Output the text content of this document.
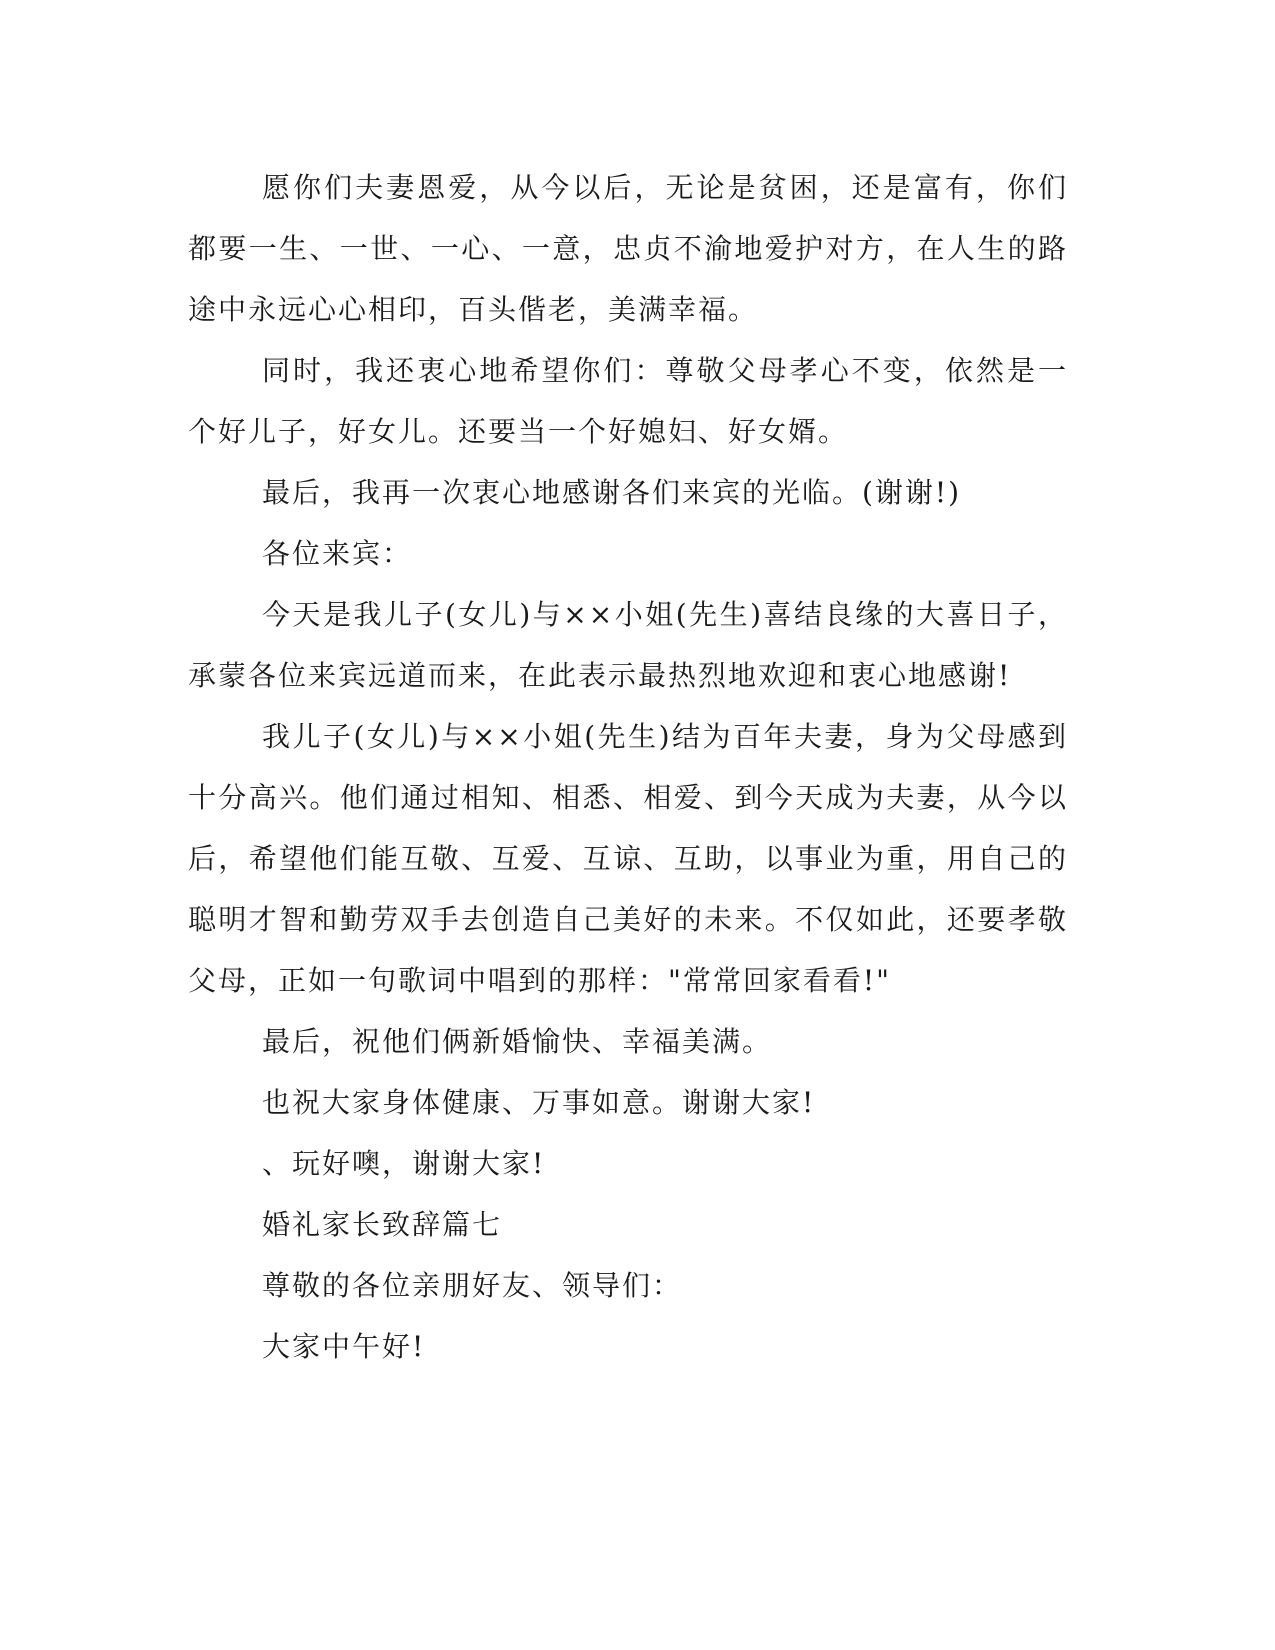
愿你们夫妻恩爱，从今以后，无论是贫困，还是富有，你们都要一生、一世、一心、一意，忠贞不渝地爱护对方，在人生的路途中永远心心相印，百头偕老，美满幸福。

同时，我还衷心地希望你们：尊敬父母孝心不变，依然是一个好儿子，好女儿。还要当一个好媳妇、好女婿。

最后，我再一次衷心地感谢各们来宾的光临。(谢谢!)

各位来宾：

今天是我儿子(女儿)与××小姐(先生)喜结良缘的大喜日子，承蒙各位来宾远道而来，在此表示最热烈地欢迎和衷心地感谢!

我儿子(女儿)与××小姐(先生)结为百年夫妻，身为父母感到十分高兴。他们通过相知、相悉、相爱、到今天成为夫妻，从今以后，希望他们能互敬、互爱、互谅、互助，以事业为重，用自己的聪明才智和勤劳双手去创造自己美好的未来。不仅如此，还要孝敬父母，正如一句歌词中唱到的那样："常常回家看看!"

最后，祝他们俩新婚愉快、幸福美满。

也祝大家身体健康、万事如意。谢谢大家!

、玩好噢，谢谢大家!

婚礼家长致辞篇七

尊敬的各位亲朋好友、领导们：

大家中午好!
